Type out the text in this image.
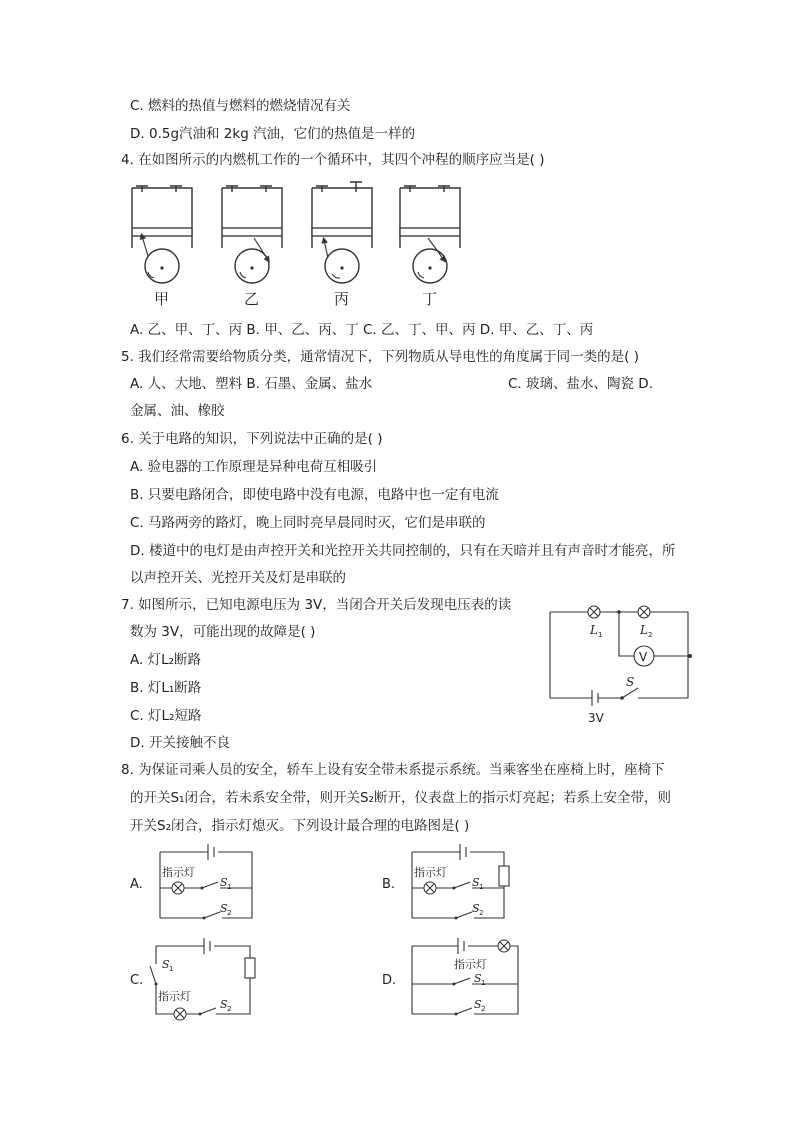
C. 燃料的热值与燃料的燃烧情况有关
D. 0.5g汽油和 2kg 汽油，它们的热值是一样的
4. 在如图所示的内燃机工作的一个循环中，其四个冲程的顺序应当是( )
A. 乙、甲、丁、丙 B. 甲、乙、丙、丁 C. 乙、丁、甲、丙 D. 甲、乙、丁、丙
5. 我们经常需要给物质分类，通常情况下，下列物质从导电性的角度属于同一类的是( )
A. 人、大地、塑料 B. 石墨、金属、盐水	C. 玻璃、盐水、陶瓷 D.
金属、油、橡胶
6. 关于电路的知识，下列说法中正确的是( )
A. 验电器的工作原理是异种电荷互相吸引
B. 只要电路闭合，即使电路中没有电源，电路中也一定有电流
C. 马路两旁的路灯，晚上同时亮早晨同时灭，它们是串联的
D. 楼道中的电灯是由声控开关和光控开关共同控制的，只有在天暗并且有声音时才能亮，所
以声控开关、光控开关及灯是串联的
7. 如图所示，已知电源电压为 3V，当闭合开关后发现电压表的读
数为 3V，可能出现的故障是( )
A. 灯L₂断路
B. 灯L₁断路
C. 灯L₂短路
D. 开关接触不良
8. 为保证司乘人员的安全，轿车上设有安全带未系提示系统。当乘客坐在座椅上时，座椅下
的开关S₁闭合，若未系安全带，则开关S₂断开，仪表盘上的指示灯亮起；若系上安全带，则
开关S₂闭合，指示灯熄灭。下列设计最合理的电路图是( )
甲	乙	丙	丁
L 1	L 2
V
3V
S
A.
指示灯
S 1
S 2
B.
指示灯
S 1
S 2
C.
S 1
指示灯
S 2
D.
指示灯
S 1
S 2
